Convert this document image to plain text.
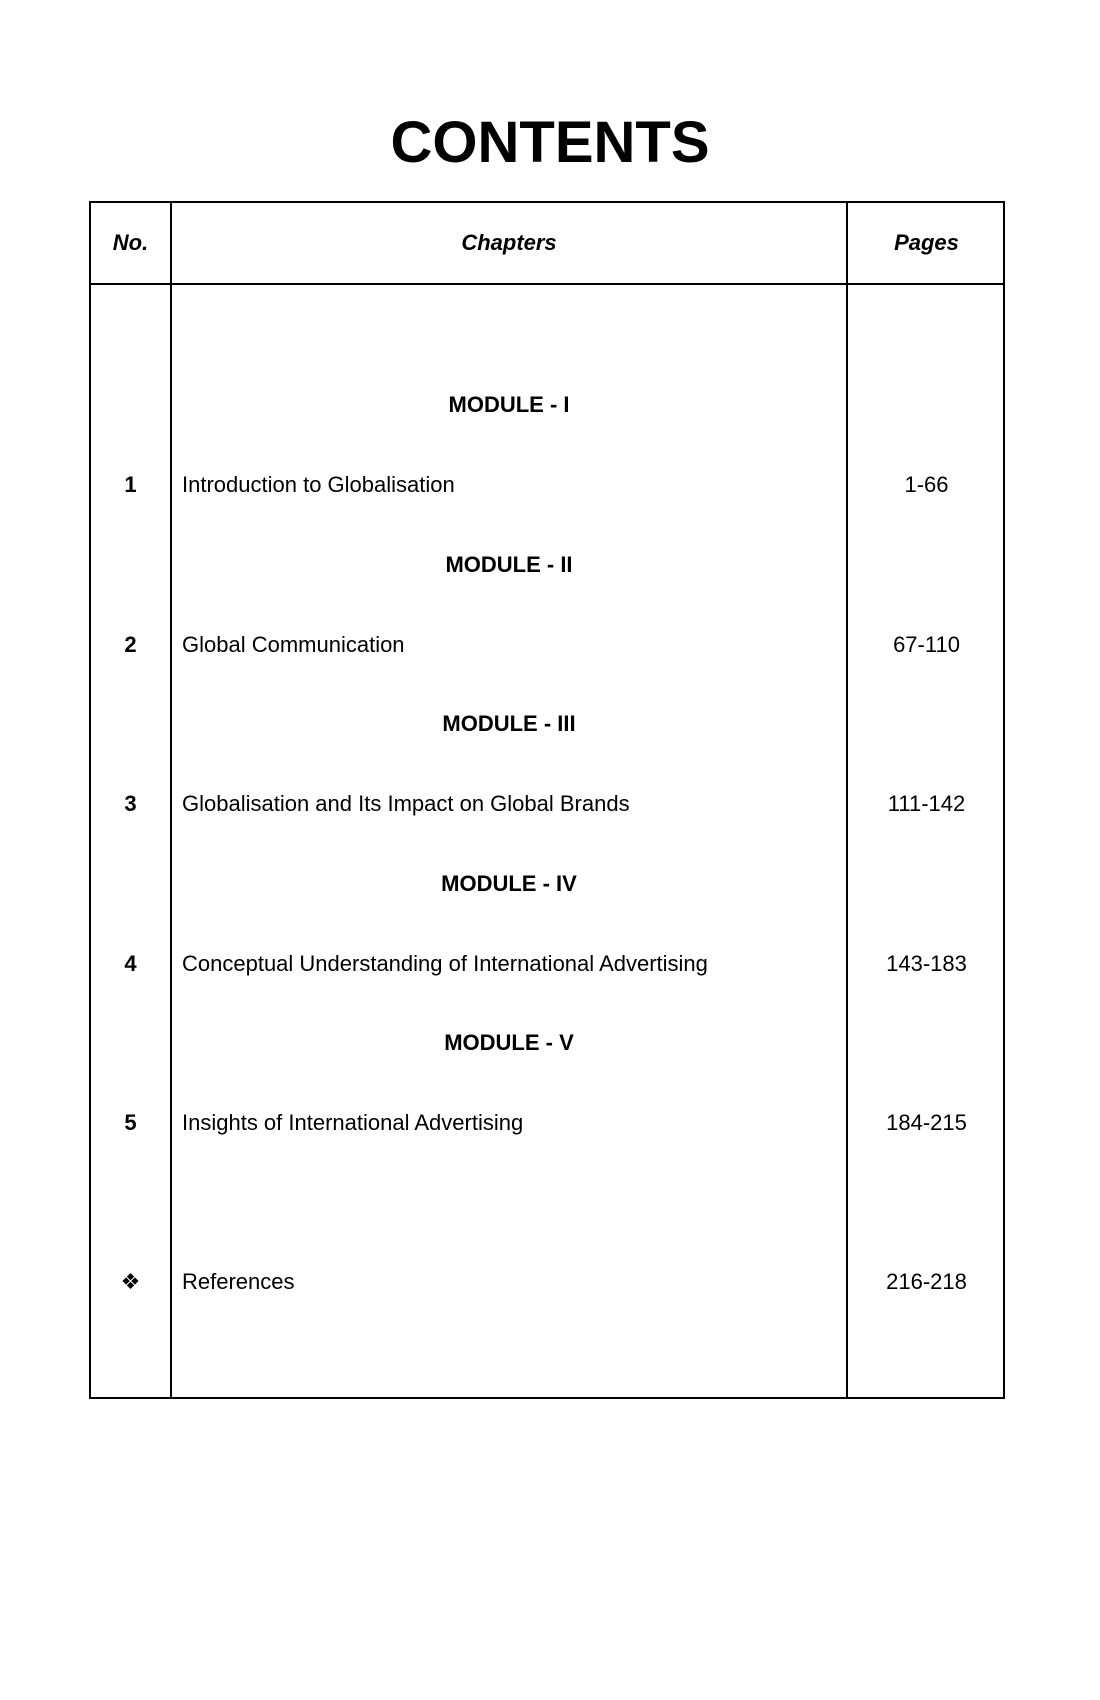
CONTENTS
No.	Chapters	Pages
MODULE - I
1	Introduction to Globalisation	1-66
MODULE - II
2	Global Communication	67-110
MODULE - III
3	Globalisation and Its Impact on Global Brands	111-142
MODULE - IV
4	Conceptual Understanding of International Advertising	143-183
MODULE - V
5	Insights of International Advertising	184-215
❖	References	216-218
